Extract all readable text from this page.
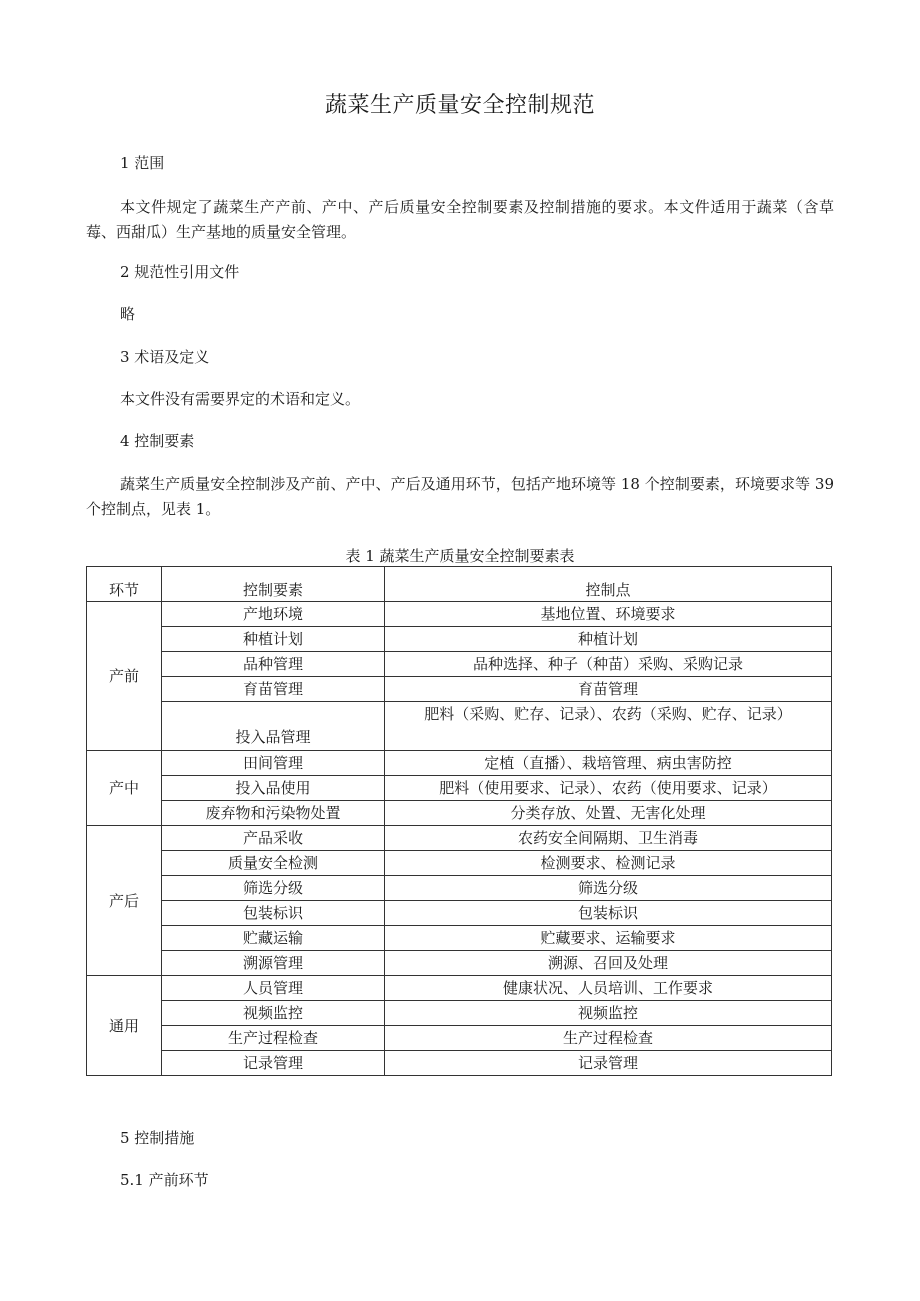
蔬菜生产质量安全控制规范
1 范围
本文件规定了蔬菜生产产前、产中、产后质量安全控制要素及控制措施的要求。本文件适用于蔬菜（含草莓、西甜瓜）生产基地的质量安全管理。
2 规范性引用文件
略
3 术语及定义
本文件没有需要界定的术语和定义。
4 控制要素
蔬菜生产质量安全控制涉及产前、产中、产后及通用环节，包括产地环境等 18 个控制要素，环境要求等 39 个控制点，见表 1。
表 1 蔬菜生产质量安全控制要素表
环节	控制要素	控制点
产前	产地环境	基地位置、环境要求
	种植计划	种植计划
	品种管理	品种选择、种子（种苗）采购、采购记录
	育苗管理	育苗管理
	投入品管理	肥料（采购、贮存、记录）、农药（采购、贮存、记录）
产中	田间管理	定植（直播）、栽培管理、病虫害防控
	投入品使用	肥料（使用要求、记录）、农药（使用要求、记录）
	废弃物和污染物处置	分类存放、处置、无害化处理
产后	产品采收	农药安全间隔期、卫生消毒
	质量安全检测	检测要求、检测记录
	筛选分级	筛选分级
	包装标识	包装标识
	贮藏运输	贮藏要求、运输要求
	溯源管理	溯源、召回及处理
通用	人员管理	健康状况、人员培训、工作要求
	视频监控	视频监控
	生产过程检查	生产过程检查
	记录管理	记录管理
5 控制措施
5.1 产前环节
